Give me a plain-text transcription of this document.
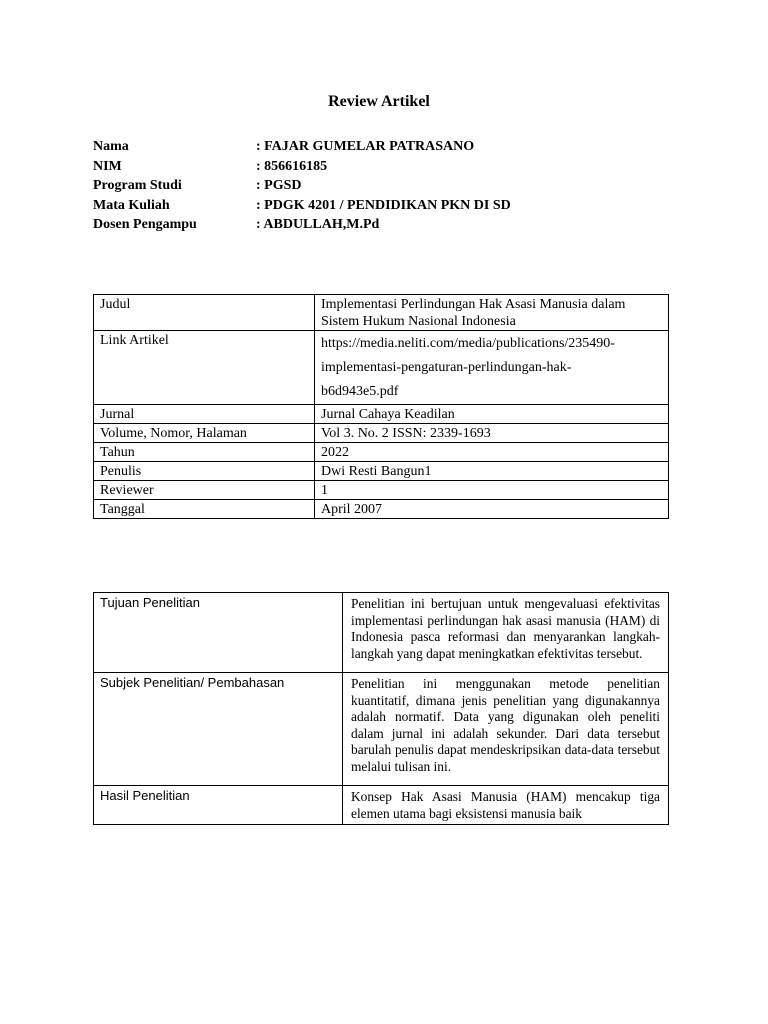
Review Artikel
Nama	: FAJAR GUMELAR PATRASANO
NIM	: 856616185
Program Studi	: PGSD
Mata Kuliah	: PDGK 4201 / PENDIDIKAN PKN DI SD
Dosen Pengampu	: ABDULLAH,M.Pd
Judul	Implementasi Perlindungan Hak Asasi Manusia dalam Sistem Hukum Nasional Indonesia
Link Artikel	https://media.neliti.com/media/publications/235490-
implementasi-pengaturan-perlindungan-hak-
b6d943e5.pdf

Jurnal	Jurnal Cahaya Keadilan
Volume, Nomor, Halaman	Vol 3. No. 2 ISSN: 2339-1693
Tahun	2022
Penulis	Dwi Resti Bangun1
Reviewer	1
Tanggal	April 2007
Tujuan Penelitian	Penelitian ini bertujuan untuk mengevaluasi efektivitas implementasi perlindungan hak asasi manusia (HAM) di Indonesia pasca reformasi dan menyarankan langkah-langkah yang dapat meningkatkan efektivitas tersebut.
Subjek Penelitian/ Pembahasan	Penelitian ini menggunakan metode penelitian kuantitatif, dimana jenis penelitian yang digunakannya adalah normatif. Data yang digunakan oleh peneliti dalam jurnal ini adalah sekunder. Dari data tersebut barulah penulis dapat mendeskripsikan data-data tersebut melalui tulisan ini.
Hasil Penelitian	Konsep Hak Asasi Manusia (HAM) mencakup tiga elemen utama bagi eksistensi manusia baik
